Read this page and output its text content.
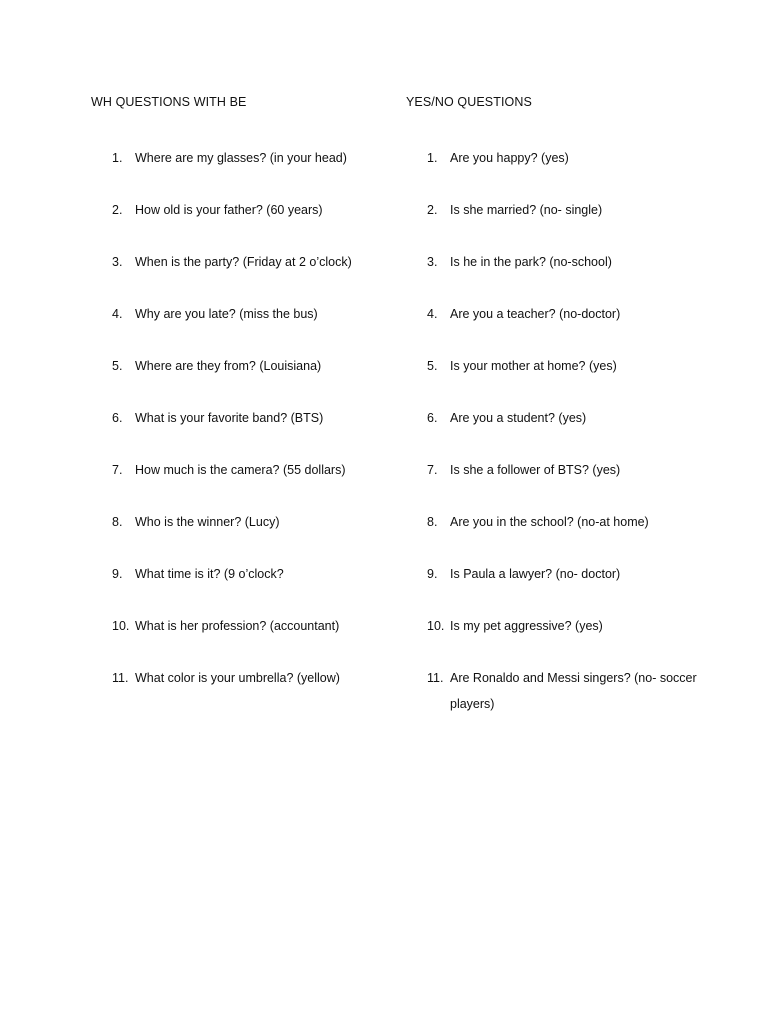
WH QUESTIONS WITH BE
1.	Where are my glasses? (in your head)
2.	How old is your father? (60 years)
3.	When is the party? (Friday at 2 o’clock)
4.	Why are you late? (miss the bus)
5.	Where are they from? (Louisiana)
6.	What is your favorite band? (BTS)
7.	How much is the camera? (55 dollars)
8.	Who is the winner? (Lucy)
9.	What time is it? (9 o’clock?
10. What is her profession? (accountant)
11. What color is your umbrella? (yellow)
YES/NO QUESTIONS
1.	Are you happy? (yes)
2.	Is she married? (no- single)
3.	Is he in the park? (no-school)
4.	Are you a teacher? (no-doctor)
5.	Is your mother at home? (yes)
6.	Are you a student? (yes)
7.	Is she a follower of BTS? (yes)
8.	Are you in the school? (no-at home)
9.	Is Paula a lawyer? (no- doctor)
10. Is my pet aggressive? (yes)
11. Are Ronaldo and Messi singers? (no- soccer players)
